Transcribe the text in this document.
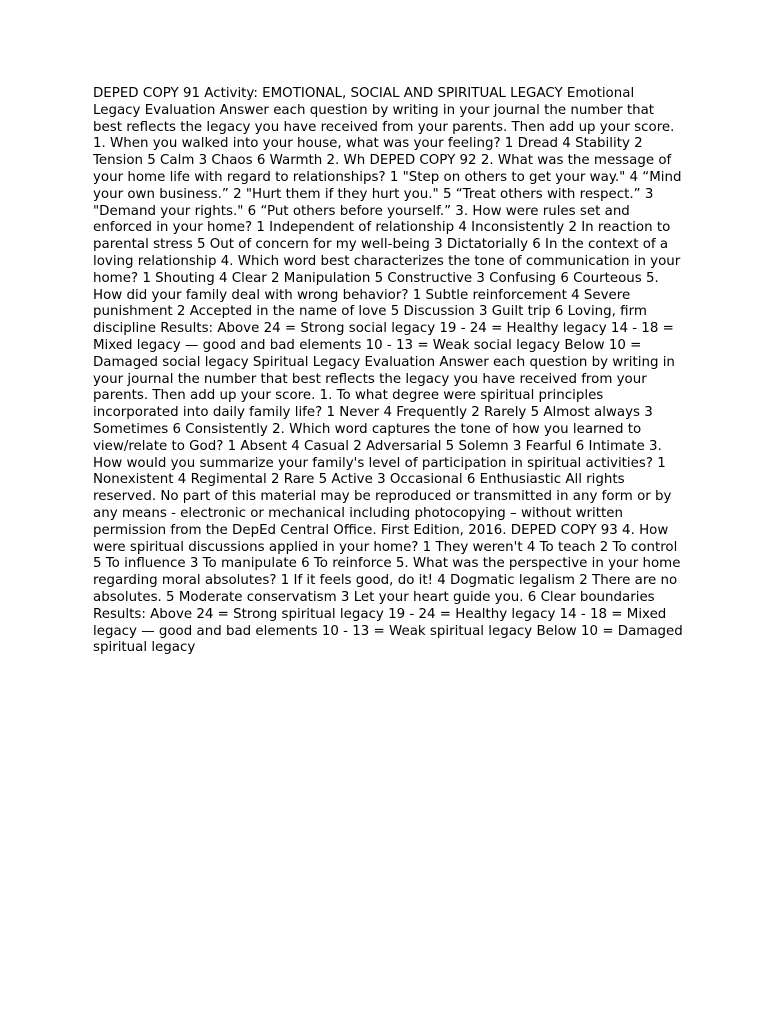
DEPED COPY 91 Activity: EMOTIONAL, SOCIAL AND SPIRITUAL LEGACY Emotional Legacy Evaluation Answer each question by writing in your journal the number that best reflects the legacy you have received from your parents. Then add up your score. 1. When you walked into your house, what was your feeling? 1 Dread 4 Stability 2 Tension 5 Calm 3 Chaos 6 Warmth 2. Wh DEPED COPY 92 2. What was the message of your home life with regard to relationships? 1 "Step on others to get your way." 4 “Mind your own business.” 2 "Hurt them if they hurt you." 5 “Treat others with respect.” 3 "Demand your rights." 6 “Put others before yourself.” 3. How were rules set and enforced in your home? 1 Independent of relationship 4 Inconsistently 2 In reaction to parental stress 5 Out of concern for my well-being 3 Dictatorially 6 In the context of a loving relationship 4. Which word best characterizes the tone of communication in your home? 1 Shouting 4 Clear 2 Manipulation 5 Constructive 3 Confusing 6 Courteous 5. How did your family deal with wrong behavior? 1 Subtle reinforcement 4 Severe punishment 2 Accepted in the name of love 5 Discussion 3 Guilt trip 6 Loving, firm discipline Results: Above 24 = Strong social legacy 19 - 24 = Healthy legacy 14 - 18 = Mixed legacy — good and bad elements 10 - 13 = Weak social legacy Below 10 = Damaged social legacy Spiritual Legacy Evaluation Answer each question by writing in your journal the number that best reflects the legacy you have received from your parents. Then add up your score. 1. To what degree were spiritual principles incorporated into daily family life? 1 Never 4 Frequently 2 Rarely 5 Almost always 3 Sometimes 6 Consistently 2. Which word captures the tone of how you learned to view/relate to God? 1 Absent 4 Casual 2 Adversarial 5 Solemn 3 Fearful 6 Intimate 3. How would you summarize your family's level of participation in spiritual activities? 1 Nonexistent 4 Regimental 2 Rare 5 Active 3 Occasional 6 Enthusiastic All rights reserved. No part of this material may be reproduced or transmitted in any form or by any means - electronic or mechanical including photocopying – without written permission from the DepEd Central Office. First Edition, 2016. DEPED COPY 93 4. How were spiritual discussions applied in your home? 1 They weren't 4 To teach 2 To control 5 To influence 3 To manipulate 6 To reinforce 5. What was the perspective in your home regarding moral absolutes? 1 If it feels good, do it! 4 Dogmatic legalism 2 There are no absolutes. 5 Moderate conservatism 3 Let your heart guide you. 6 Clear boundaries Results: Above 24 = Strong spiritual legacy 19 - 24 = Healthy legacy 14 - 18 = Mixed legacy — good and bad elements 10 - 13 = Weak spiritual legacy Below 10 = Damaged spiritual legacy
